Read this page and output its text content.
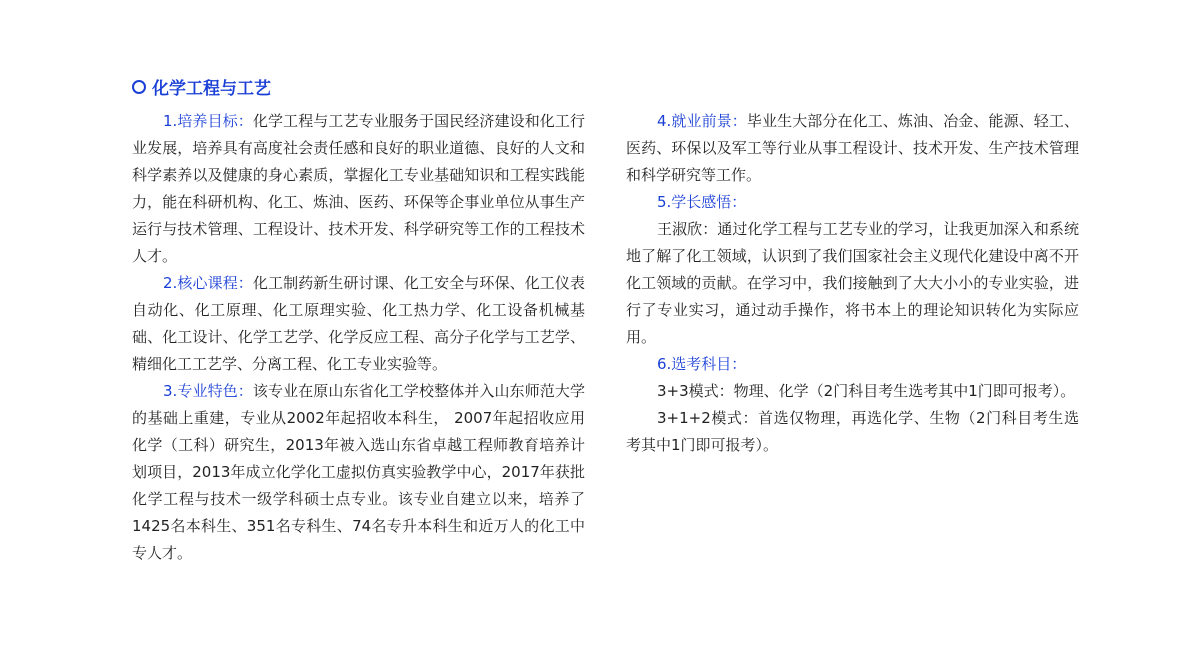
化学工程与工艺

1.培养目标：化学工程与工艺专业服务于国民经济建设和化工行业发展，培养具有高度社会责任感和良好的职业道德、良好的人文和科学素养以及健康的身心素质，掌握化工专业基础知识和工程实践能力，能在科研机构、化工、炼油、医药、环保等企事业单位从事生产运行与技术管理、工程设计、技术开发、科学研究等工作的工程技术人才。

2.核心课程：化工制药新生研讨课、化工安全与环保、化工仪表自动化、化工原理、化工原理实验、化工热力学、化工设备机械基础、化工设计、化学工艺学、化学反应工程、高分子化学与工艺学、精细化工工艺学、分离工程、化工专业实验等。

3.专业特色：该专业在原山东省化工学校整体并入山东师范大学的基础上重建，专业从2002年起招收本科生， 2007年起招收应用化学（工科）研究生，2013年被入选山东省卓越工程师教育培养计划项目，2013年成立化学化工虚拟仿真实验教学中心，2017年获批化学工程与技术一级学科硕士点专业。该专业自建立以来，培养了1425名本科生、351名专科生、74名专升本科生和近万人的化工中专人才。

4.就业前景：毕业生大部分在化工、炼油、冶金、能源、轻工、医药、环保以及军工等行业从事工程设计、技术开发、生产技术管理和科学研究等工作。

5.学长感悟：

王淑欣：通过化学工程与工艺专业的学习，让我更加深入和系统地了解了化工领域，认识到了我们国家社会主义现代化建设中离不开化工领域的贡献。在学习中，我们接触到了大大小小的专业实验，进行了专业实习，通过动手操作，将书本上的理论知识转化为实际应用。

6.选考科目：

3+3模式：物理、化学（2门科目考生选考其中1门即可报考）。

3+1+2模式：首选仅物理，再选化学、生物（2门科目考生选考其中1门即可报考）。
